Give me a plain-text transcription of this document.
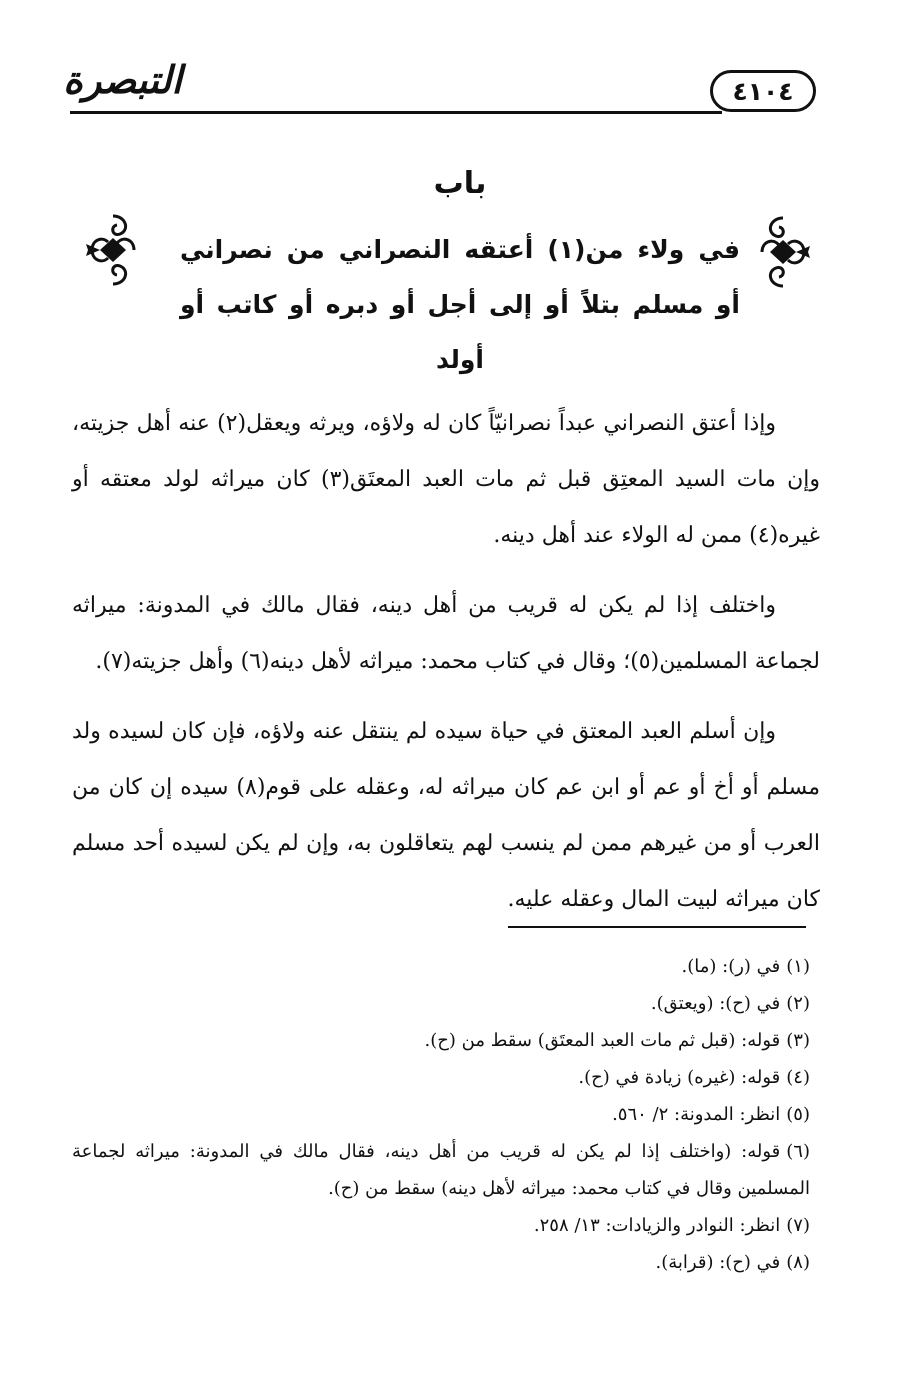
التبصرة	٤١٠٤
باب
في ولاء من(١) أعتقه النصراني من نصراني أو مسلم بتلاً أو إلى أجل أو دبره أو كاتب أو أولد

وإذا أعتق النصراني عبداً نصرانيّاً كان له ولاؤه، ويرثه ويعقل(٢) عنه أهل جزيته، وإن مات السيد المعتِق قبل ثم مات العبد المعتَق(٣) كان ميراثه لولد معتقه أو غيره(٤) ممن له الولاء عند أهل دينه.

واختلف إذا لم يكن له قريب من أهل دينه، فقال مالك في المدونة: ميراثه لجماعة المسلمين(٥)؛ وقال في كتاب محمد: ميراثه لأهل دينه(٦) وأهل جزيته(٧).

وإن أسلم العبد المعتق في حياة سيده لم ينتقل عنه ولاؤه، فإن كان لسيده ولد مسلم أو أخ أو عم أو ابن عم كان ميراثه له، وعقله على قوم(٨) سيده إن كان من العرب أو من غيرهم ممن لم ينسب لهم يتعاقلون به، وإن لم يكن لسيده أحد مسلم كان ميراثه لبيت المال وعقله عليه.

(١)في (ر): (ما).

(٢)في (ح): (ويعتق).

(٣)قوله: (قبل ثم مات العبد المعتَق) سقط من (ح).

(٤)قوله: (غيره) زيادة في (ح).

(٥)انظر: المدونة: ٢/ ٥٦٠.

(٦)قوله: (واختلف إذا لم يكن له قريب من أهل دينه، فقال مالك في المدونة: ميراثه لجماعة المسلمين وقال في كتاب محمد: ميراثه لأهل دينه) سقط من (ح).

(٧)انظر: النوادر والزيادات: ١٣/ ٢٥٨.

(٨)في (ح): (قرابة).
